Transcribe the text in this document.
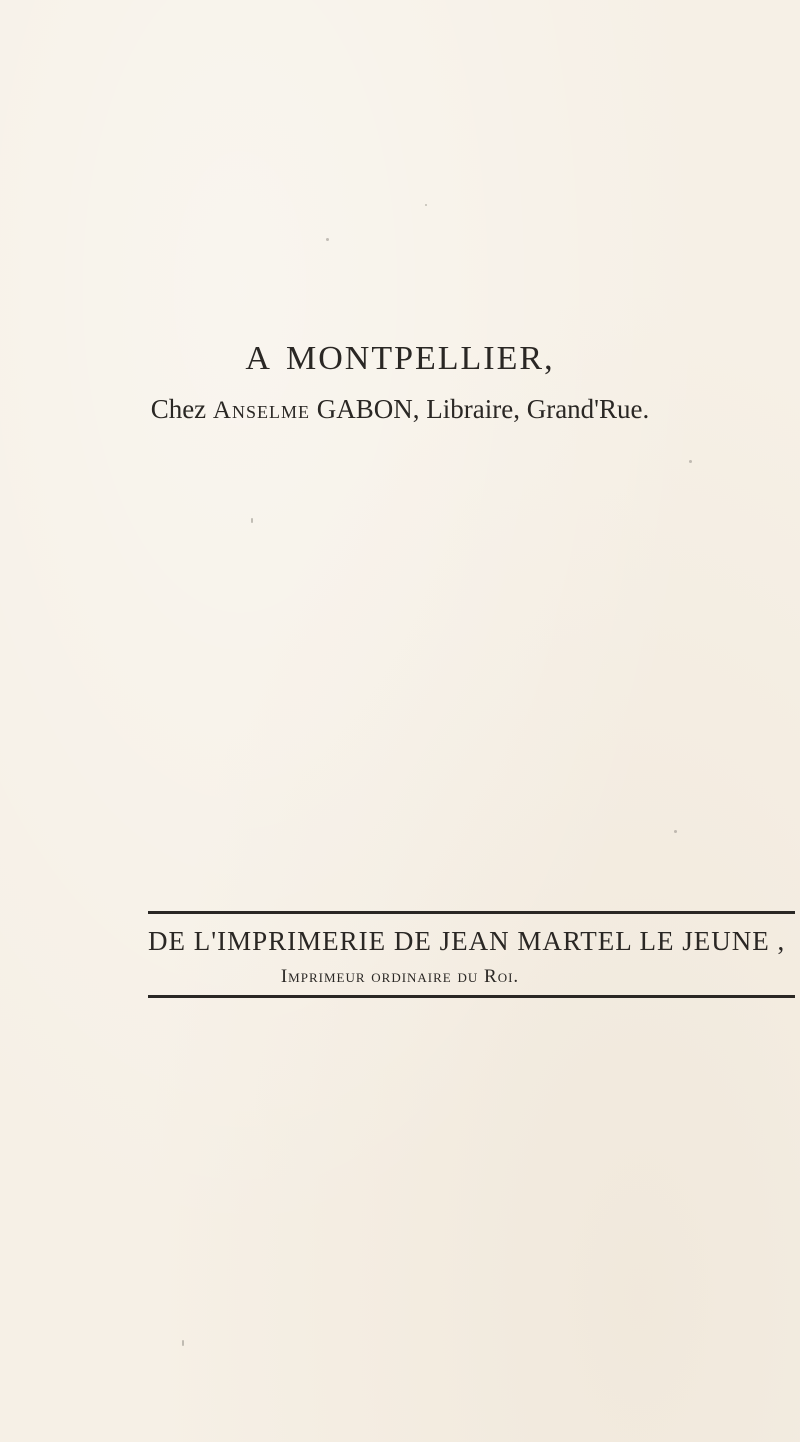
A MONTPELLIER,
Chez Anselme GABON, Libraire, Grand'Rue.
DE L'IMPRIMERIE DE JEAN MARTEL LE JEUNE ,
Imprimeur ordinaire du Roi.
